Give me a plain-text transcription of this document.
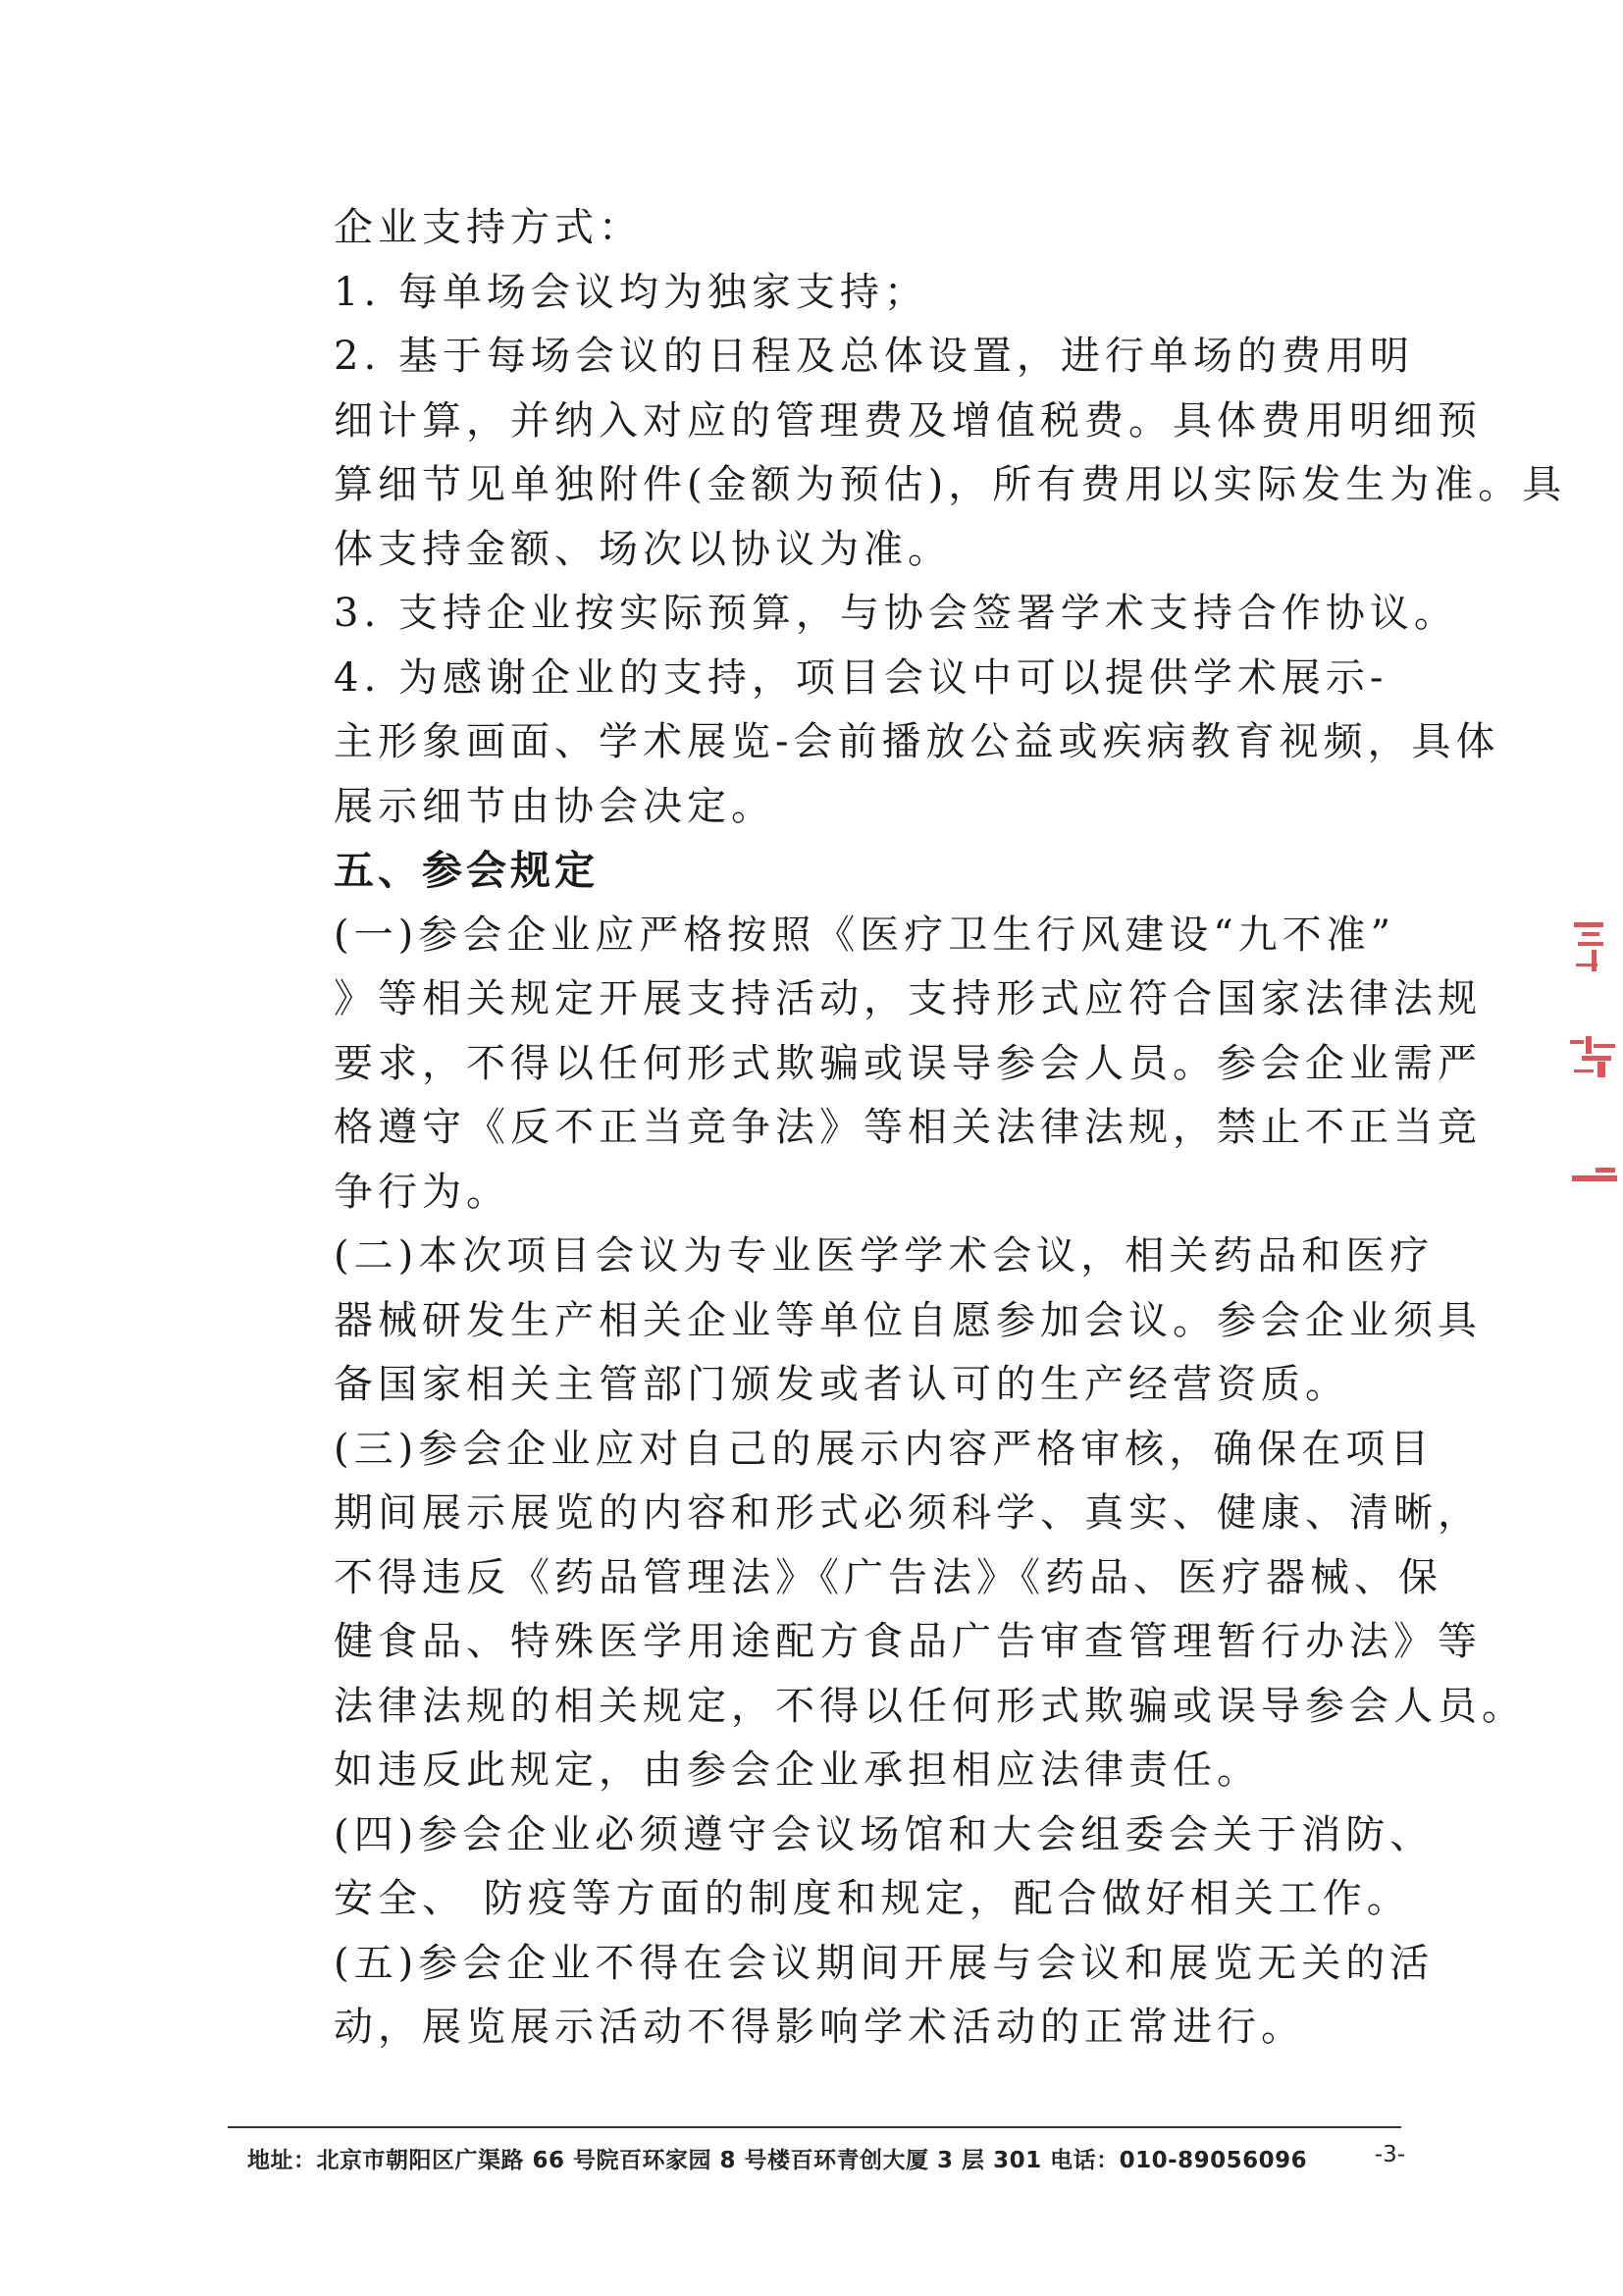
企业支持方式：

1. 每单场会议均为独家支持；

2. 基于每场会议的日程及总体设置，进行单场的费用明
细计算，并纳入对应的管理费及增值税费。具体费用明细预
算细节见单独附件(金额为预估)，所有费用以实际发生为准。具
体支持金额、场次以协议为准。

3. 支持企业按实际预算，与协会签署学术支持合作协议。

4. 为感谢企业的支持，项目会议中可以提供学术展示-
主形象画面、学术展览-会前播放公益或疾病教育视频，具体
展示细节由协会决定。

五、参会规定

(一)参会企业应严格按照《医疗卫生行风建设“九不准”
》等相关规定开展支持活动，支持形式应符合国家法律法规
要求，不得以任何形式欺骗或误导参会人员。参会企业需严
格遵守《反不正当竞争法》等相关法律法规，禁止不正当竞
争行为。

(二)本次项目会议为专业医学学术会议，相关药品和医疗
器械研发生产相关企业等单位自愿参加会议。参会企业须具
备国家相关主管部门颁发或者认可的生产经营资质。

(三)参会企业应对自己的展示内容严格审核，确保在项目
期间展示展览的内容和形式必须科学、真实、健康、清晰，
不得违反《药品管理法》《广告法》《药品、医疗器械、保
健食品、特殊医学用途配方食品广告审查管理暂行办法》等
法律法规的相关规定，不得以任何形式欺骗或误导参会人员。
如违反此规定，由参会企业承担相应法律责任。

(四)参会企业必须遵守会议场馆和大会组委会关于消防、
安全、 防疫等方面的制度和规定，配合做好相关工作。

(五)参会企业不得在会议期间开展与会议和展览无关的活
动，展览展示活动不得影响学术活动的正常进行。

地址：北京市朝阳区广渠路 66 号院百环家园 8 号楼百环青创大厦 3 层 301 电话：010-89056096	-3-
